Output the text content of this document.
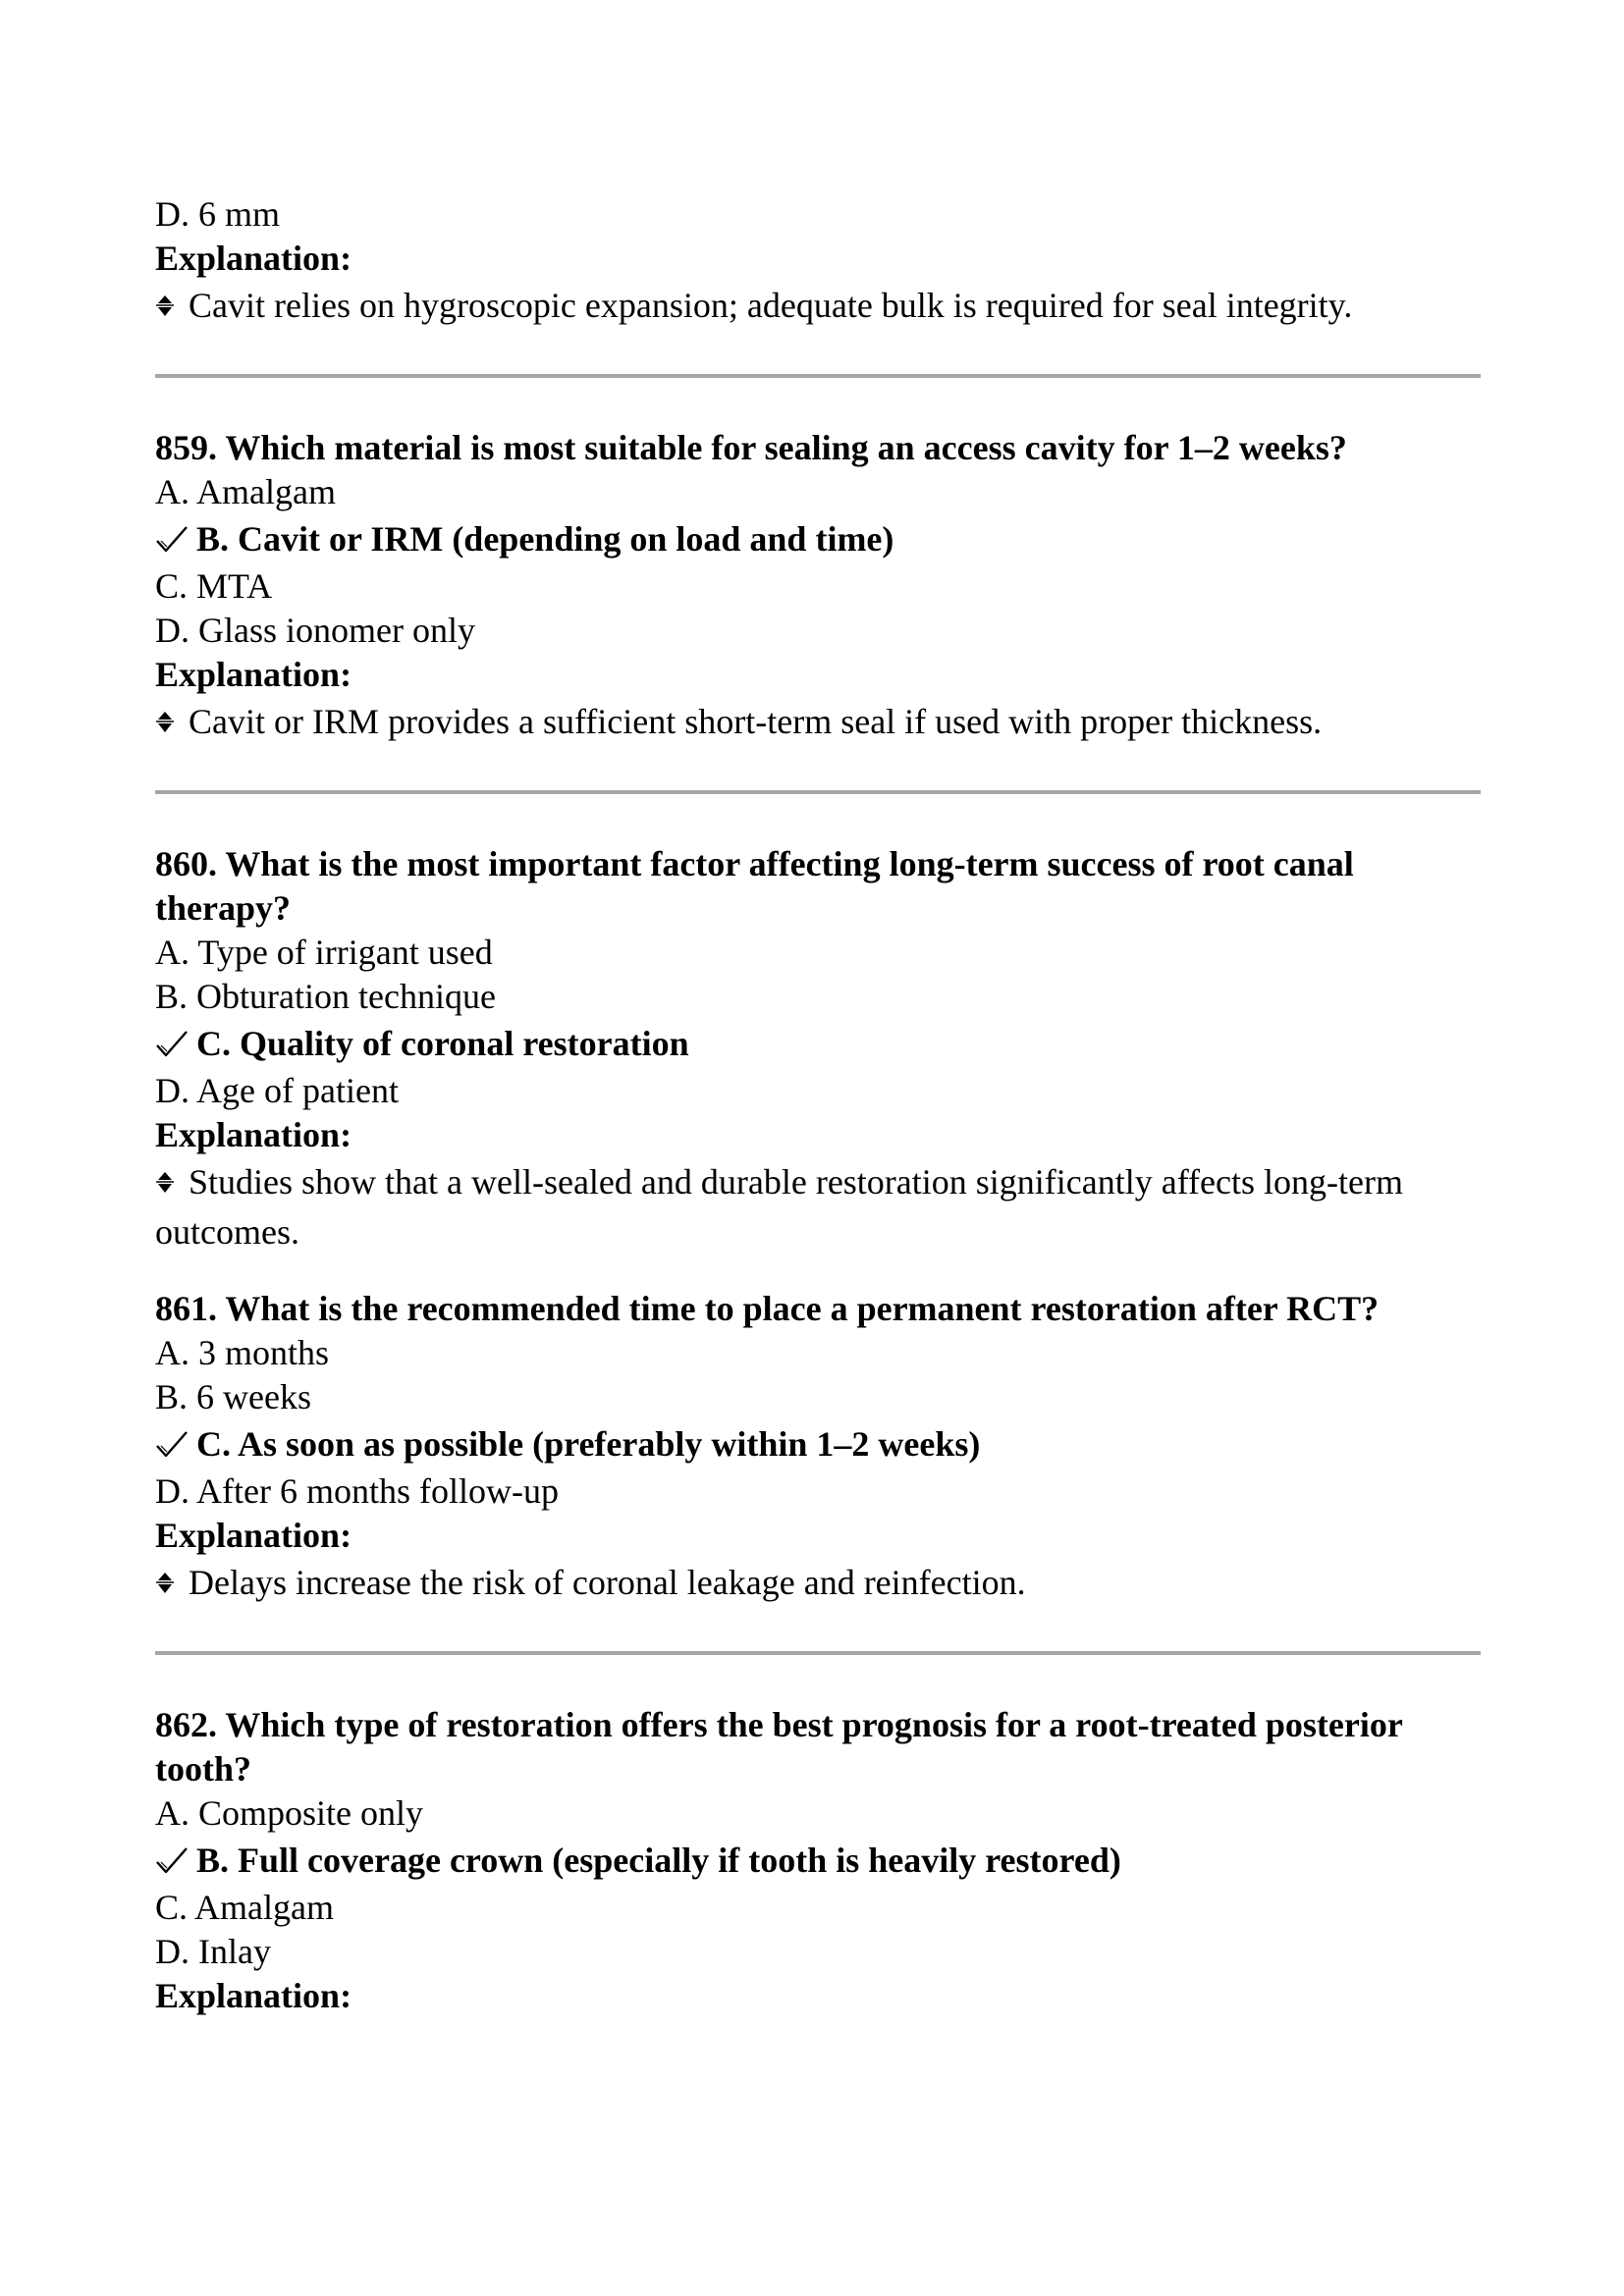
D. 6 mm
Explanation:
Cavit relies on hygroscopic expansion; adequate bulk is required for seal integrity.
859. Which material is most suitable for sealing an access cavity for 1–2 weeks?
A. Amalgam
B. Cavit or IRM (depending on load and time)
C. MTA
D. Glass ionomer only
Explanation:
Cavit or IRM provides a sufficient short-term seal if used with proper thickness.
860. What is the most important factor affecting long-term success of root canal therapy?
A. Type of irrigant used
B. Obturation technique
C. Quality of coronal restoration
D. Age of patient
Explanation:
Studies show that a well-sealed and durable restoration significantly affects long-term outcomes.
861. What is the recommended time to place a permanent restoration after RCT?
A. 3 months
B. 6 weeks
C. As soon as possible (preferably within 1–2 weeks)
D. After 6 months follow-up
Explanation:
Delays increase the risk of coronal leakage and reinfection.
862. Which type of restoration offers the best prognosis for a root-treated posterior tooth?
A. Composite only
B. Full coverage crown (especially if tooth is heavily restored)
C. Amalgam
D. Inlay
Explanation:
